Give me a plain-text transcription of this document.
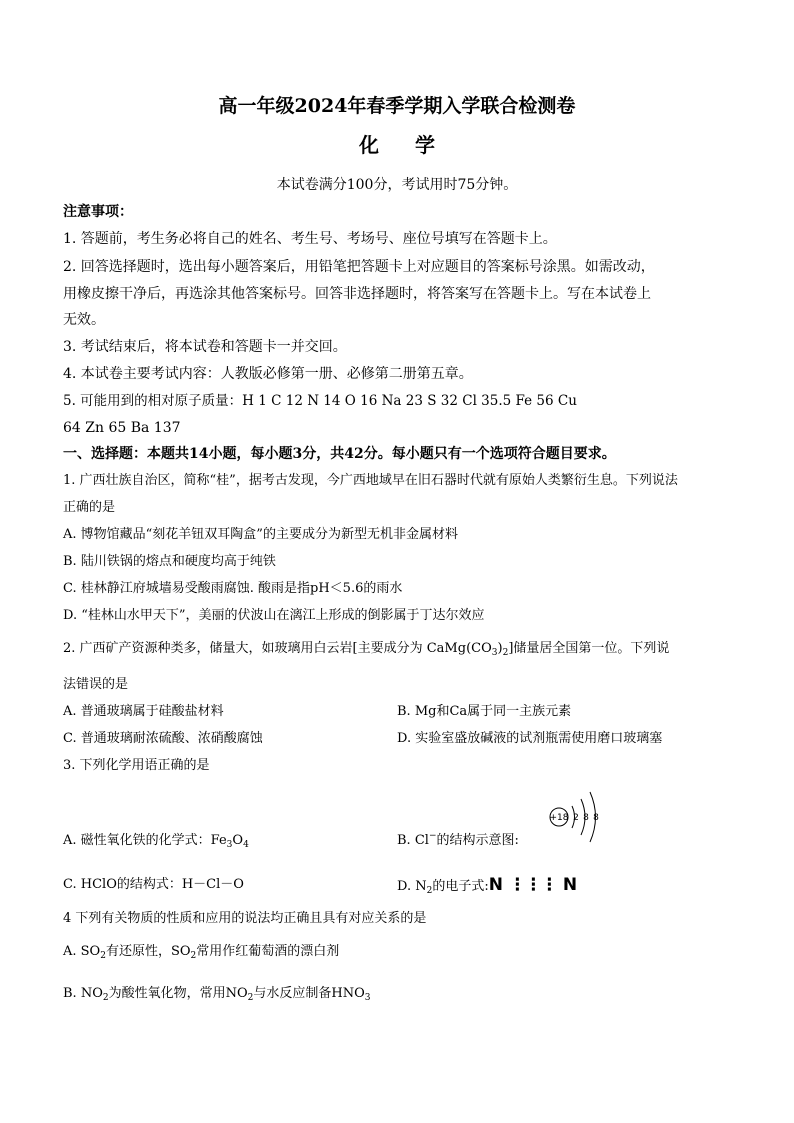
高一年级2024年春季学期入学联合检测卷
化 学
本试卷满分100分，考试用时75分钟。
注意事项：
1. 答题前，考生务必将自己的姓名、考生号、考场号、座位号填写在答题卡上。
2. 回答选择题时，选出每小题答案后，用铅笔把答题卡上对应题目的答案标号涂黑。如需改动，
用橡皮擦干净后，再选涂其他答案标号。回答非选择题时，将答案写在答题卡上。写在本试卷上
无效。
3. 考试结束后，将本试卷和答题卡一并交回。
4. 本试卷主要考试内容：人教版必修第一册、必修第二册第五章。
5. 可能用到的相对原子质量：H 1 C 12 N 14 O 16 Na 23 S 32 Cl 35.5 Fe 56 Cu
64 Zn 65 Ba 137
一、选择题：本题共14小题，每小题3分，共42分。每小题只有一个选项符合题目要求。
1. 广西壮族自治区，简称“桂”，据考古发现，今广西地域早在旧石器时代就有原始人类繁衍生息。下列说法
正确的是
A. 博物馆藏品“刻花羊钮双耳陶盒”的主要成分为新型无机非金属材料
B. 陆川铁锅的熔点和硬度均高于纯铁
C. 桂林静江府城墙易受酸雨腐蚀. 酸雨是指pH＜5.6的雨水
D. “桂林山水甲天下”，美丽的伏波山在漓江上形成的倒影属于丁达尔效应
2. 广西矿产资源种类多，储量大，如玻璃用白云岩[主要成分为 $CaMg(CO_3)_2$]储量居全国第一位。下列说
法错误的是
A. 普通玻璃属于硅酸盐材料	B. Mg和Ca属于同一主族元素
C. 普通玻璃耐浓硫酸、浓硝酸腐蚀	D. 实验室盛放碱液的试剂瓶需使用磨口玻璃塞
3. 下列化学用语正确的是
A. 磁性氧化铁的化学式：$Fe_3O_4$	B. Cl−的结构示意图:
+18 2 8 8
C. HClO的结构式：H－Cl－O	D. $N_2$的电子式:N ⋮⋮⋮ N
4 下列有关物质的性质和应用的说法均正确且具有对应关系的是
A. $SO_2$有还原性，$SO_2$常用作红葡萄酒的漂白剂
B. $NO_2$为酸性氧化物，常用$NO_2$与水反应制备$HNO_3$
